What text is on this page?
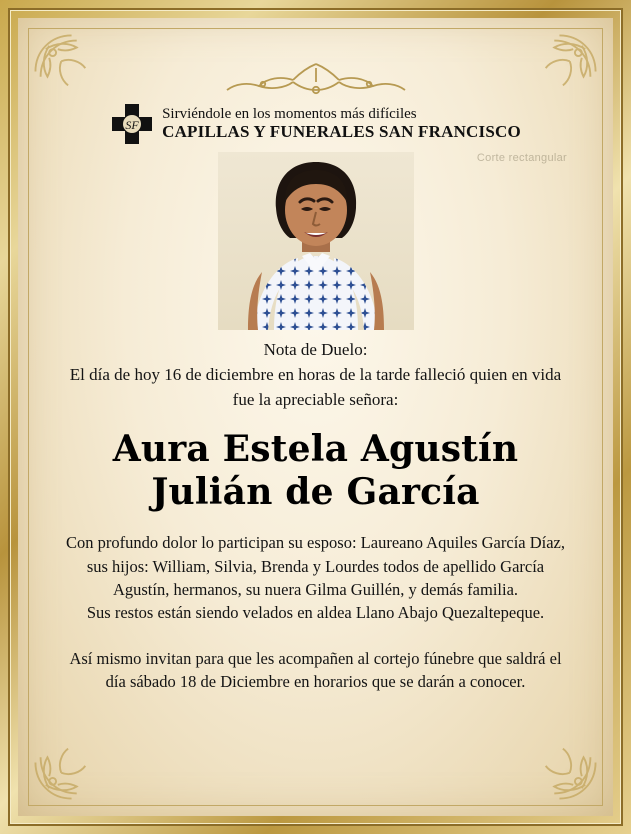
SF
Sirviéndole en los momentos más difíciles
CAPILLAS Y FUNERALES SAN FRANCISCO
Corte rectangular
Nota de Duelo:
El día de hoy 16 de diciembre en horas de la tarde falleció quien en vida fue la apreciable señora:
Aura Estela Agustín
Julián de García

Con profundo dolor lo participan su esposo: Laureano Aquiles García Díaz, sus hijos: William, Silvia, Brenda y Lourdes todos de apellido García Agustín, hermanos, su nuera Gilma Guillén, y demás familia.

Sus restos están siendo velados en aldea Llano Abajo Quezaltepeque.

Así mismo invitan para que les acompañen al cortejo fúnebre que saldrá el día sábado 18 de Diciembre en horarios que se darán a conocer.
